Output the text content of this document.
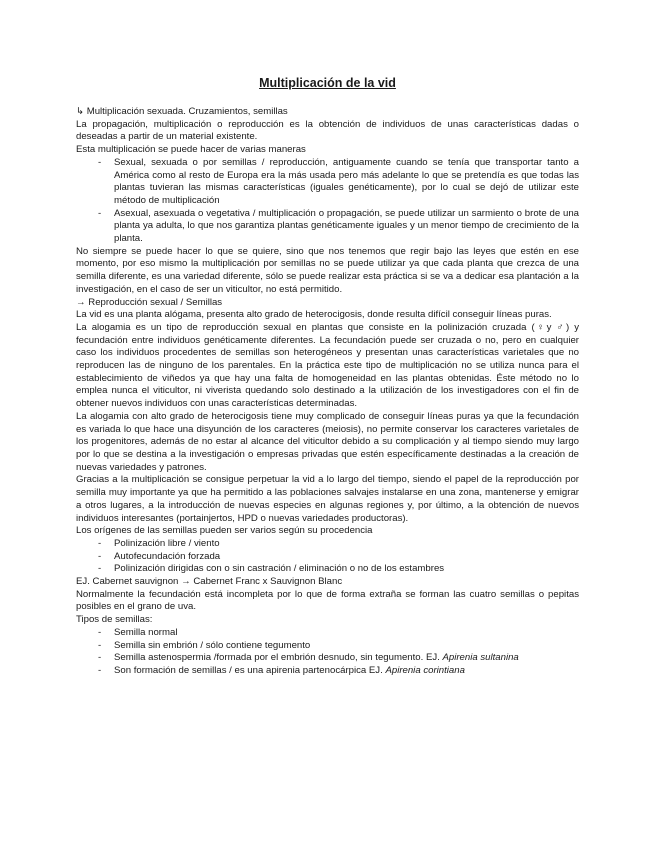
Multiplicación de la vid

↳ Multiplicación sexuada. Cruzamientos, semillas

La propagación, multiplicación o reproducción es la obtención de individuos de unas características dadas o deseadas a partir de un material existente.

Esta multiplicación se puede hacer de varias maneras

- Sexual, sexuada o por semillas / reproducción, antiguamente cuando se tenía que transportar tanto a América como al resto de Europa era la más usada pero más adelante lo que se pretendía es que todas las plantas tuvieran las mismas características (iguales genéticamente), por lo cual se dejó de utilizar este método de multiplicación
- Asexual, asexuada o vegetativa / multiplicación o propagación, se puede utilizar un sarmiento o brote de una planta ya adulta, lo que nos garantiza plantas genéticamente iguales y un menor tiempo de crecimiento de la planta.

No siempre se puede hacer lo que se quiere, sino que nos tenemos que regir bajo las leyes que estén en ese momento, por eso mismo la multiplicación por semillas no se puede utilizar ya que cada planta que crezca de una semilla diferente, es una variedad diferente, sólo se puede realizar esta práctica si se va a dedicar esa plantación a la investigación, en el caso de ser un viticultor, no está permitido.

→ Reproducción sexual / Semillas

La vid es una planta alógama, presenta alto grado de heterocigosis, donde resulta difícil conseguir líneas puras.

La alogamia es un tipo de reproducción sexual en plantas que consiste en la polinización cruzada (♀y ♂) y fecundación entre individuos genéticamente diferentes. La fecundación puede ser cruzada o no, pero en cualquier caso los individuos procedentes de semillas son heterogéneos y presentan unas características varietales que no reproducen las de ninguno de los parentales. En la práctica este tipo de multiplicación no se utiliza nunca para el establecimiento de viñedos ya que hay una falta de homogeneidad en las plantas obtenidas. Éste método no lo emplea nunca el viticultor, ni viverista quedando solo destinado a la utilización de los investigadores con el fin de obtener nuevos individuos con unas características determinadas.

La alogamia con alto grado de heterocigosis tiene muy complicado de conseguir líneas puras ya que la fecundación es variada lo que hace una disyunción de los caracteres (meiosis), no permite conservar los caracteres varietales de los progenitores, además de no estar al alcance del viticultor debido a su complicación y al tiempo siendo muy largo por lo que se destina a la investigación o empresas privadas que estén específicamente destinadas a la creación de nuevas variedades y patrones.

Gracias a la multiplicación se consigue perpetuar la vid a lo largo del tiempo, siendo el papel de la reproducción por semilla muy importante ya que ha permitido a las poblaciones salvajes instalarse en una zona, mantenerse y emigrar a otros lugares, a la introducción de nuevas especies en algunas regiones y, por último, a la obtención de nuevos individuos interesantes (portainjertos, HPD o nuevas variedades productoras).

Los orígenes de las semillas pueden ser varios según su procedencia

- Polinización libre / viento
- Autofecundación forzada
- Polinización dirigidas con o sin castración / eliminación o no de los estambres

EJ. Cabernet sauvignon → Cabernet Franc x Sauvignon Blanc

Normalmente la fecundación está incompleta por lo que de forma extraña se forman las cuatro semillas o pepitas posibles en el grano de uva.

Tipos de semillas:

- Semilla normal
- Semilla sin embrión / sólo contiene tegumento
- Semilla astenospermia /formada por el embrión desnudo, sin tegumento. EJ. Apirenia sultanina
- Son formación de semillas / es una apirenia partenocárpica EJ. Apirenia corintiana
